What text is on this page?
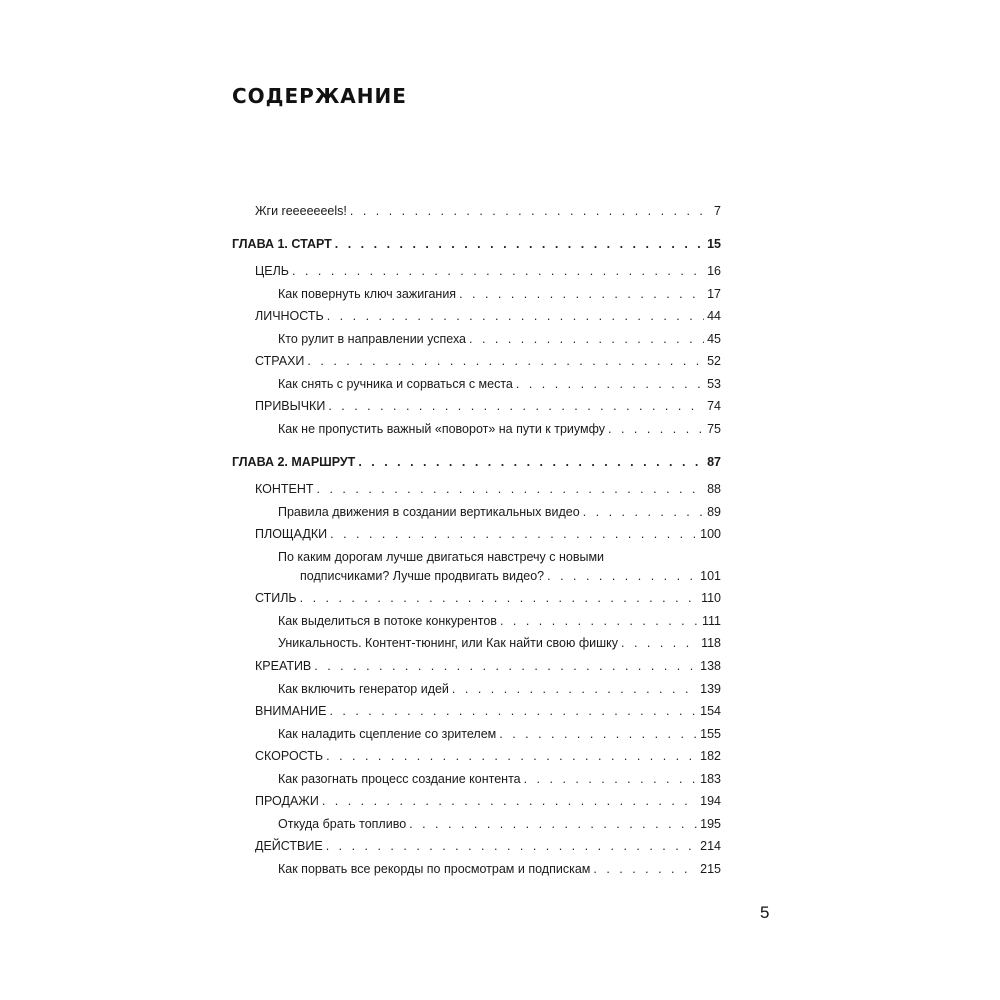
СОДЕРЖАНИЕ
Жги reeeeeeels! . . .	7
ГЛАВА 1. СТАРТ . . .	15
ЦЕЛЬ . . .	16
Как повернуть ключ зажигания . . .	17
ЛИЧНОСТЬ . . .	44
Кто рулит в направлении успеха . . .	45
СТРАХИ . . .	52
Как снять с ручника и сорваться с места . . .	53
ПРИВЫЧКИ . . .	74
Как не пропустить важный «поворот» на пути к триумфу . . .	75
ГЛАВА 2. МАРШРУТ . . .	87
КОНТЕНТ . . .	88
Правила движения в создании вертикальных видео . . .	89
ПЛОЩАДКИ . . .	100
По каким дорогам лучше двигаться навстречу с новыми
подписчиками? Лучше продвигать видео? . . .	101
СТИЛЬ . . .	110
Как выделиться в потоке конкурентов . . .	111
Уникальность. Контент-тюнинг, или Как найти свою фишку . . .	118
КРЕАТИВ . . .	138
Как включить генератор идей . . .	139
ВНИМАНИЕ . . .	154
Как наладить сцепление со зрителем . . .	155
СКОРОСТЬ . . .	182
Как разогнать процесс создание контента . . .	183
ПРОДАЖИ . . .	194
Откуда брать топливо . . .	195
ДЕЙСТВИЕ . . .	214
Как порвать все рекорды по просмотрам и подпискам . . .	215
5
